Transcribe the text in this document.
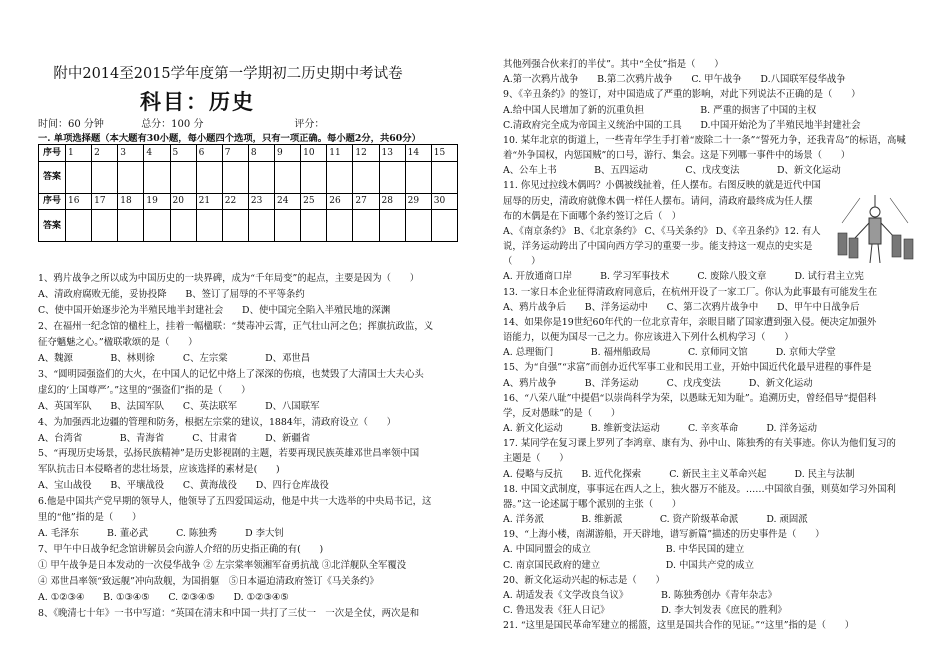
附中2014至2015学年度第一学期初二历史期中考试卷
科目：历史
时间：60 分钟	总分：100 分	评分：
一. 单项选择题（本大题有30小题，每小题四个选项，只有一项正确。每小题2分，共60分）
序号	1	2	3	4	5	6	7	8	9	10	11	12	13	14	15
答案															
序号	16	17	18	19	20	21	22	23	24	25	26	27	28	29	30
答案															
1、鸦片战争之所以成为中国历史的一块界碑，成为“千年局变”的起点，主要是因为（　　）
A、清政府腐败无能，妥协投降　　B、签订了屈辱的不平等条约
C、使中国开始逐步沦为半殖民地半封建社会　　D、使中国完全陷入半殖民地的深渊
2、在福州一纪念馆的楹柱上，挂着一幅楹联：“焚毒冲云霄，正气壮山河之色；挥旗抗政监，义
征夺魑魅之心。”楹联歌颂的是（　　）
A、魏源　　　　B、林则徐　　　C、左宗棠　　　　D、邓世昌
3、“圆明园强盗们的大火，在中国人的记忆中烙上了深深的伤痕，也焚毁了大清国士大夫心头
虚幻的‘上国尊严’。”这里的“强盗们”指的是（　　）
A、英国军队　　B、法国军队　　C、英法联军　　　D、八国联军
4、为加强西北边疆的管理和防务，根据左宗棠的建议，1884年，清政府设立（　　）
A、台湾省　　　　B、青海省　　　C、甘肃省　　　D、新疆省
5、“再现历史场景，弘扬民族精神”是历史影视剧的主题，若要再现民族英雄邓世昌率领中国
军队抗击日本侵略者的悲壮场景，应该选择的素材是(　　)
A、宝山战役　　B、平壤战役　　C、黄海战役　　D、四行仓库战役
6.他是中国共产党早期的领导人，他领导了五四爱国运动，他是中共一大选举的中央局书记，这
里的“他”指的是（　　）
A. 毛泽东　　　B. 董必武　　　C. 陈独秀　　　D 李大钊
7、甲午中日战争纪念馆讲解员会向游人介绍的历史指正确的有(　　)
① 甲午战争是日本发动的一次侵华战争 ② 左宗棠率领湘军奋勇抗战 ③北洋舰队全军覆没
④ 邓世昌率领“致远舰”冲向敌舰，为国捐躯　⑤日本逼迫清政府签订《马关条约》
A. ①②③④　　B. ①③④⑤　　C. ②③④⑤　　D. ①②③④⑤
8、《晚清七十年》一书中写道：“英国在清末和中国一共打了三仗一　一次是全仗，两次是和
其他列强合伙来打的半仗”。其中“全仗”指是（　　）
A.第一次鸦片战争　　B.第二次鸦片战争　　C. 甲午战争　　D.八国联军侵华战争
9、《辛丑条约》的签订，对中国造成了严重的影响，对此下列说法不正确的是（　　）
A.给中国人民增加了新的沉重负担　　　　　　B. 严重的损害了中国的主权
C.清政府完全成为帝国主义统治中国的工具　　D.中国开始沦为了半殖民地半封建社会
10. 某年北京的街道上，一些青年学生手打着“废除二十一条”“誓死力争，还我青岛”的标语，高喊
着“外争国权，内惩国贼”的口号，游行、集会。这是下列哪一事件中的场景（　　）
A、公车上书　　　　B、五四运动　　　　C、戊戌变法　　　　D、新文化运动
11. 你见过拉线木偶吗？小偶被线扯着，任人摆布。右图反映的就是近代中国
屈辱的历史，清政府就像木偶一样任人摆布。请问，清政府最终成为任人摆
布的木偶是在下面哪个条约签订之后（　）
A、《南京条约》 B、《北京条约》 C、《马关条约》 D、《辛丑条约》12. 有人
说，洋务运动跨出了中国向西方学习的重要一步。能支持这一观点的史实是
（　　）
A. 开放通商口岸　　　B. 学习军事技术　　　C. 废除八股文章　　　D. 试行君主立宪
13. 一家日本企业征得清政府同意后，在杭州开设了一家工厂。你认为此事最有可能发生在
A、鸦片战争后　　B、洋务运动中　　C、第二次鸦片战争中　　D、甲午中日战争后
14、如果你是19世纪60年代的一位北京青年，亲眼目睹了国家遭到强入侵。便决定加强外
语能力，以便为国尽一己之力。你应该进入下列什么机构学习（　　）
A. 总理衙门　　　　B. 福州船政局　　　　C. 京师同文馆　　　D. 京师大学堂
15、为“自强”“求富”而创办近代军事工业和民用工业，开始中国近代化最早进程的事件是
A、鸦片战争　　　B、洋务运动　　　C、戊戌变法　　　D、新文化运动
16、“八荣八耻”中提倡“以崇尚科学为荣，以愚昧无知为耻”。追溯历史，曾经倡导“提倡科
学，反对愚昧”的是（　　）
A. 新文化运动　　　B. 维新变法运动　　　C. 辛亥革命　　　D. 洋务运动
17. 某同学在复习课上罗列了李鸿章、康有为、孙中山、陈独秀的有关事迹。你认为他们复习的
主题是（　　）
A. 侵略与反抗　　B. 近代化探索　　　C. 新民主主义革命兴起　　　D. 民主与法制
18. 中国文武制度，事事远在西人之上，独火器万不能及。……中国欲自强，则莫如学习外国利
器。”这一论述属于哪个派别的主张（　　）
A. 洋务派　　　　B. 维新派　　　　C. 资产阶级革命派　　　D. 顽固派
19、“上海小楼，南湖游船，开天辟地，谱写新篇”描述的历史事件是（　　）
A. 中国同盟会的成立　　　　　　　　B. 中华民国的建立
C. 南京国民政府的建立　　　　　　　D. 中国共产党的成立
20、新文化运动兴起的标志是（　　）
A. 胡适发表《文学改良刍议》　　　　B. 陈独秀创办《青年杂志》
C. 鲁迅发表《狂人日记》　　　　　　D. 李大钊发表《庶民的胜利》
21. “这里是国民革命军建立的摇篮，这里是国共合作的见证。”“这里”指的是（　　）
